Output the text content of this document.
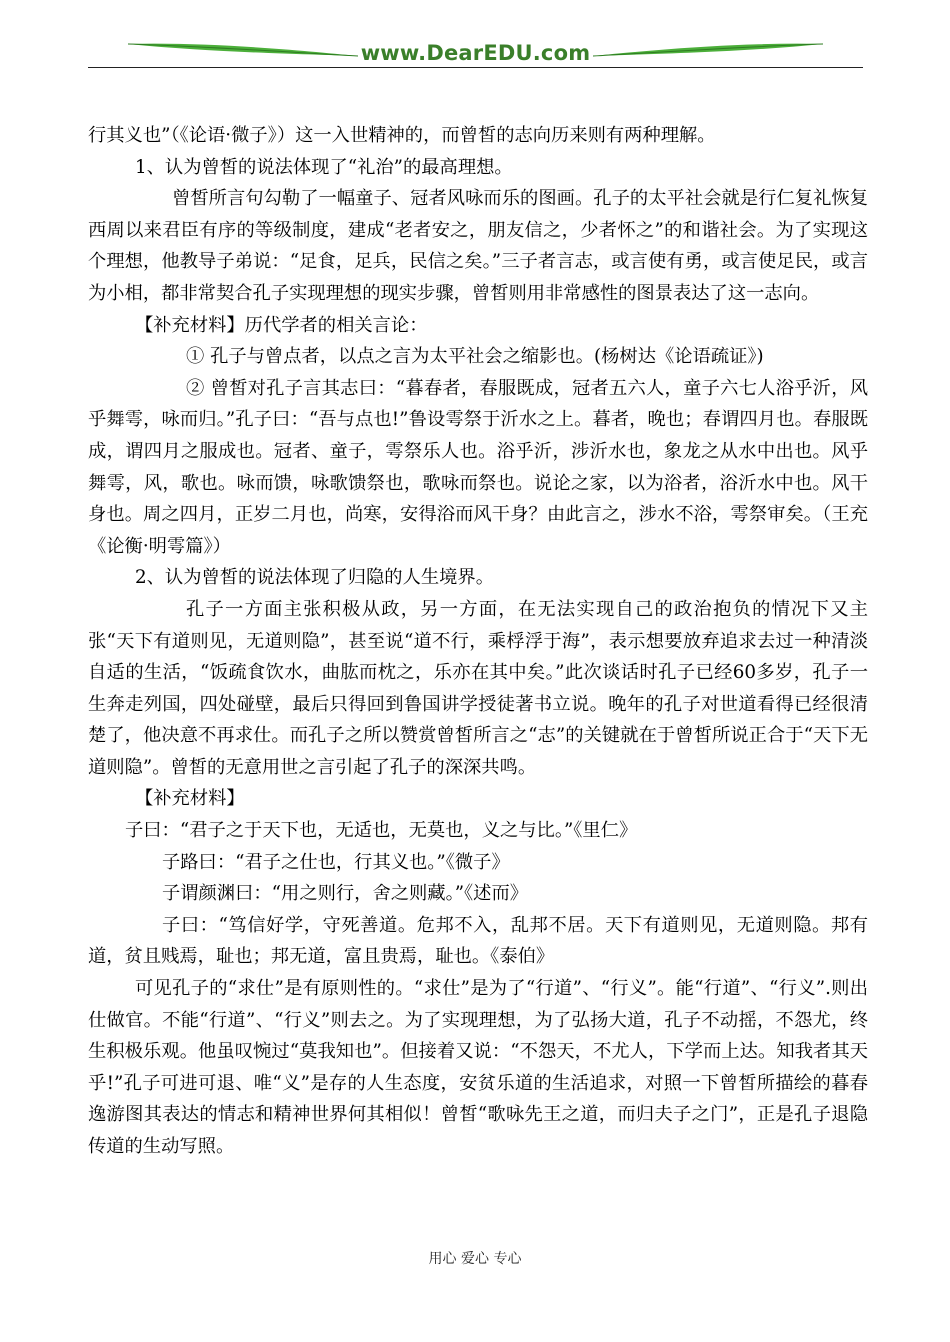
www.DearEDU.com

行其义也”（《论语·微子》）这一入世精神的，而曾皙的志向历来则有两种理解。

1、认为曾皙的说法体现了“礼治”的最高理想。

曾皙所言句勾勒了一幅童子、冠者风咏而乐的图画。孔子的太平社会就是行仁复礼恢复西周以来君臣有序的等级制度，建成“老者安之，朋友信之，少者怀之”的和谐社会。为了实现这个理想，他教导子弟说：“足食，足兵，民信之矣。”三子者言志，或言使有勇，或言使足民，或言为小相，都非常契合孔子实现理想的现实步骤，曾皙则用非常感性的图景表达了这一志向。

【补充材料】历代学者的相关言论：

① 孔子与曾点者，以点之言为太平社会之缩影也。(杨树达《论语疏证》)

② 曾皙对孔子言其志曰：“暮春者，春服既成，冠者五六人，童子六七人浴乎沂，风乎舞雩，咏而归。”孔子曰：“吾与点也!”鲁设雩祭于沂水之上。暮者，晚也；春谓四月也。春服既成，谓四月之服成也。冠者、童子，雩祭乐人也。浴乎沂，涉沂水也，象龙之从水中出也。风乎舞雩，风，歌也。咏而馈，咏歌馈祭也，歌咏而祭也。说论之家，以为浴者，浴沂水中也。风干身也。周之四月，正岁二月也，尚寒，安得浴而风干身？由此言之，涉水不浴，雩祭审矣。（王充《论衡·明雩篇》）

2、认为曾皙的说法体现了归隐的人生境界。

孔子一方面主张积极从政，另一方面，在无法实现自己的政治抱负的情况下又主张“天下有道则见，无道则隐”，甚至说“道不行，乘桴浮于海”，表示想要放弃追求去过一种清淡自适的生活，“饭疏食饮水，曲肱而枕之，乐亦在其中矣。”此次谈话时孔子已经60多岁，孔子一生奔走列国，四处碰壁，最后只得回到鲁国讲学授徒著书立说。晚年的孔子对世道看得已经很清楚了，他决意不再求仕。而孔子之所以赞赏曾皙所言之“志”的关键就在于曾皙所说正合于“天下无道则隐”。曾皙的无意用世之言引起了孔子的深深共鸣。

【补充材料】

子曰：“君子之于天下也，无适也，无莫也，义之与比。”《里仁》

子路曰：“君子之仕也，行其义也。”《微子》

子谓颜渊曰：“用之则行，舍之则藏。”《述而》

子曰：“笃信好学，守死善道。危邦不入，乱邦不居。天下有道则见，无道则隐。邦有道，贫且贱焉，耻也；邦无道，富且贵焉，耻也。《泰伯》

可见孔子的“求仕”是有原则性的。“求仕”是为了“行道”、“行义”。能“行道”、“行义”.则出仕做官。不能“行道”、“行义”则去之。为了实现理想，为了弘扬大道，孔子不动摇，不怨尤，终生积极乐观。他虽叹惋过“莫我知也”。但接着又说：“不怨天，不尤人，下学而上达。知我者其天乎!”孔子可进可退、唯“义”是存的人生态度，安贫乐道的生活追求，对照一下曾皙所描绘的暮春逸游图其表达的情志和精神世界何其相似！曾皙“歌咏先王之道，而归夫子之门”，正是孔子退隐传道的生动写照。

用心 爱心 专心
